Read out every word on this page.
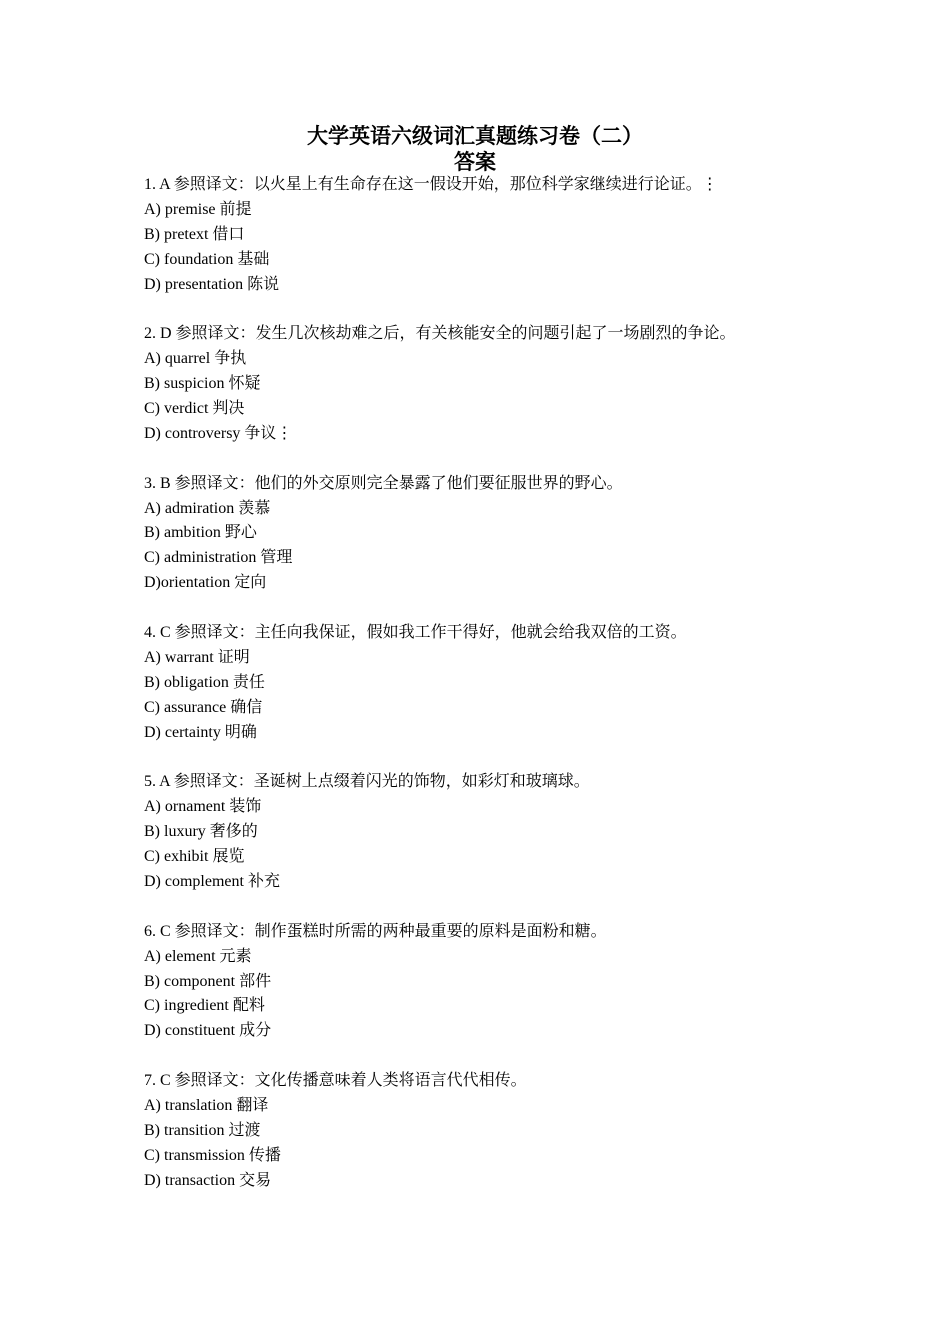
大学英语六级词汇真题练习卷（二）
答案
1. A 参照译文：以火星上有生命存在这一假设开始，那位科学家继续进行论证。⋮
A) premise 前提
B) pretext 借口
C) foundation 基础
D) presentation 陈说
2. D 参照译文：发生几次核劫难之后，有关核能安全的问题引起了一场剧烈的争论。
A) quarrel 争执
B) suspicion 怀疑
C) verdict 判决
D) controversy 争议⋮
3. B 参照译文：他们的外交原则完全暴露了他们要征服世界的野心。
A) admiration 羡慕
B) ambition 野心
C) administration 管理
D)orientation 定向
4. C 参照译文：主任向我保证，假如我工作干得好，他就会给我双倍的工资。
A) warrant 证明
B) obligation 责任
C) assurance 确信
D) certainty 明确
5. A 参照译文：圣诞树上点缀着闪光的饰物，如彩灯和玻璃球。
A) ornament 装饰
B) luxury 奢侈的
C) exhibit 展览
D) complement 补充
6. C 参照译文：制作蛋糕时所需的两种最重要的原料是面粉和糖。
A) element 元素
B) component 部件
C) ingredient 配料
D) constituent 成分
7. C 参照译文：文化传播意味着人类将语言代代相传。
A) translation 翻译
B) transition 过渡
C) transmission 传播
D) transaction 交易
